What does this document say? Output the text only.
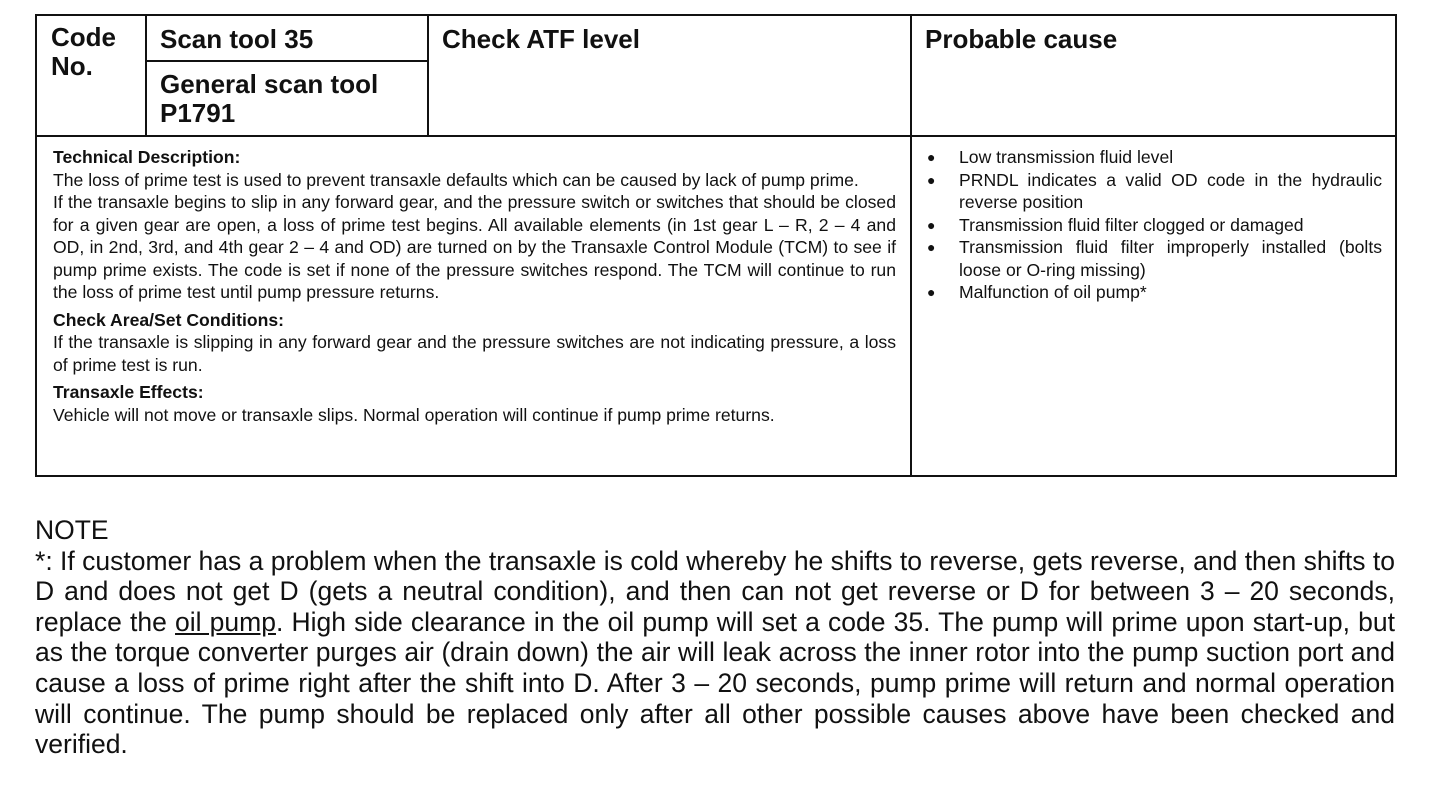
Code No.
Scan tool 35
General scan tool P1791
Check ATF level	Probable cause
Technical Description:

The loss of prime test is used to prevent transaxle defaults which can be caused by lack of pump prime.

If the transaxle begins to slip in any forward gear, and the pressure switch or switches that should be closed for a given gear are open, a loss of prime test begins. All available elements (in 1st gear L – R, 2 – 4 and OD, in 2nd, 3rd, and 4th gear 2 – 4 and OD) are turned on by the Transaxle Control Module (TCM) to see if pump prime exists. The code is set if none of the pressure switches respond. The TCM will continue to run the loss of prime test until pump pressure returns.

Check Area/Set Conditions:

If the transaxle is slipping in any forward gear and the pressure switches are not indicating pressure, a loss of prime test is run.

Transaxle Effects:

Vehicle will not move or transaxle slips. Normal operation will continue if pump prime returns.

● Low transmission fluid level
● PRNDL indicates a valid OD code in the hydraulic reverse position
● Transmission fluid filter clogged or damaged
● Transmission fluid filter improperly installed (bolts loose or O-ring missing)
● Malfunction of oil pump*
NOTE

*: If customer has a problem when the transaxle is cold whereby he shifts to reverse, gets reverse, and then shifts to D and does not get D (gets a neutral condition), and then can not get reverse or D for between 3 – 20 seconds, replace the oil pump. High side clearance in the oil pump will set a code 35. The pump will prime upon start-up, but as the torque converter purges air (drain down) the air will leak across the inner rotor into the pump suction port and cause a loss of prime right after the shift into D. After 3 – 20 seconds, pump prime will return and normal operation will continue. The pump should be replaced only after all other possible causes above have been checked and verified.
